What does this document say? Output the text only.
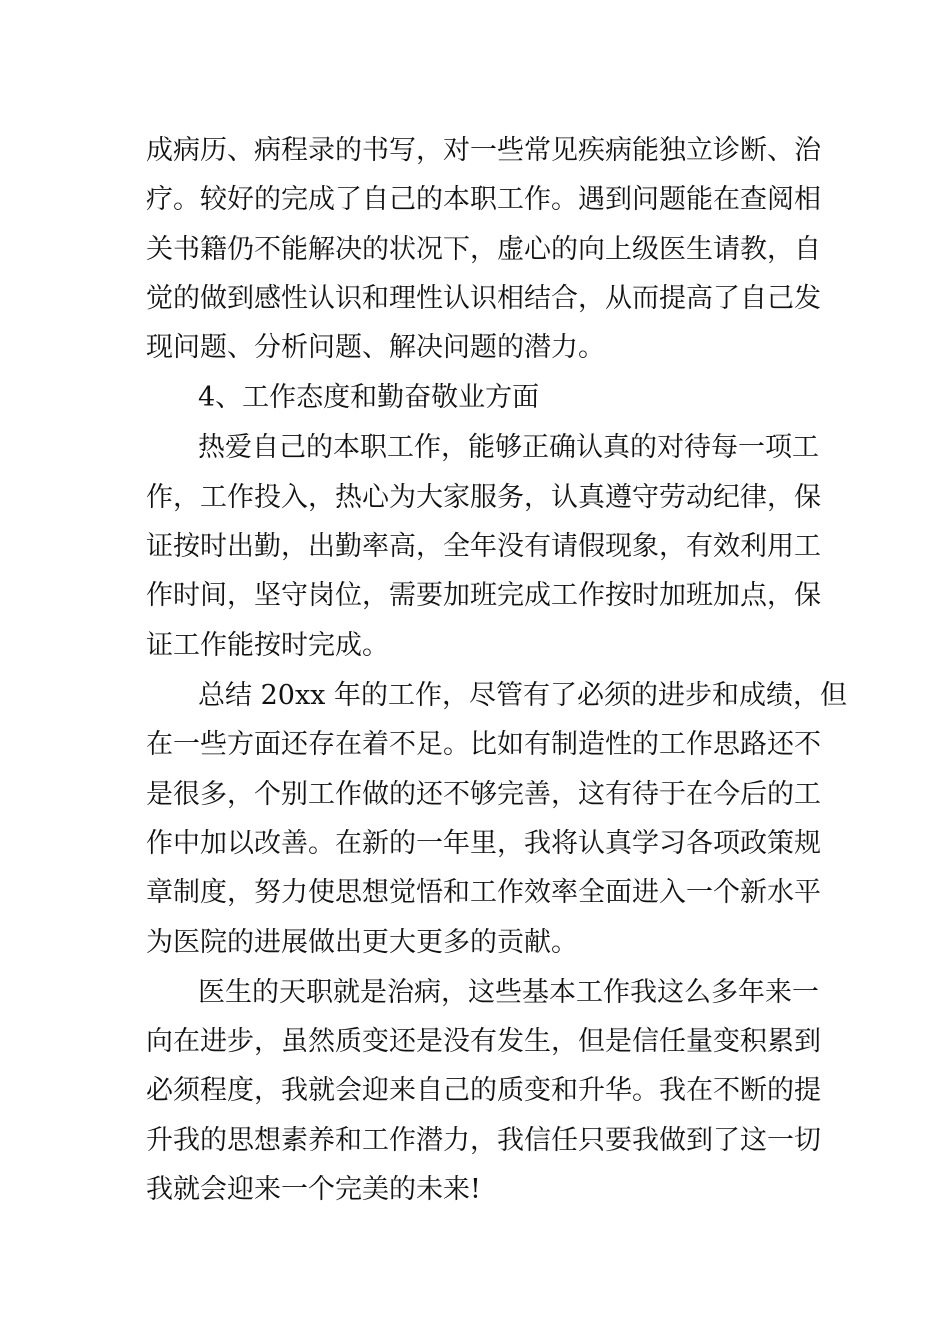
成病历、病程录的书写，对一些常见疾病能独立诊断、治
疗。较好的完成了自己的本职工作。遇到问题能在查阅相
关书籍仍不能解决的状况下，虚心的向上级医生请教，自
觉的做到感性认识和理性认识相结合，从而提高了自己发
现问题、分析问题、解决问题的潜力。
4、工作态度和勤奋敬业方面
热爱自己的本职工作，能够正确认真的对待每一项工
作，工作投入，热心为大家服务，认真遵守劳动纪律，保
证按时出勤，出勤率高，全年没有请假现象，有效利用工
作时间，坚守岗位，需要加班完成工作按时加班加点，保
证工作能按时完成。
总结 20xx 年的工作，尽管有了必须的进步和成绩，但
在一些方面还存在着不足。比如有制造性的工作思路还不
是很多，个别工作做的还不够完善，这有待于在今后的工
作中加以改善。在新的一年里，我将认真学习各项政策规
章制度，努力使思想觉悟和工作效率全面进入一个新水平
为医院的进展做出更大更多的贡献。
医生的天职就是治病，这些基本工作我这么多年来一
向在进步，虽然质变还是没有发生，但是信任量变积累到
必须程度，我就会迎来自己的质变和升华。我在不断的提
升我的思想素养和工作潜力，我信任只要我做到了这一切
我就会迎来一个完美的未来!
